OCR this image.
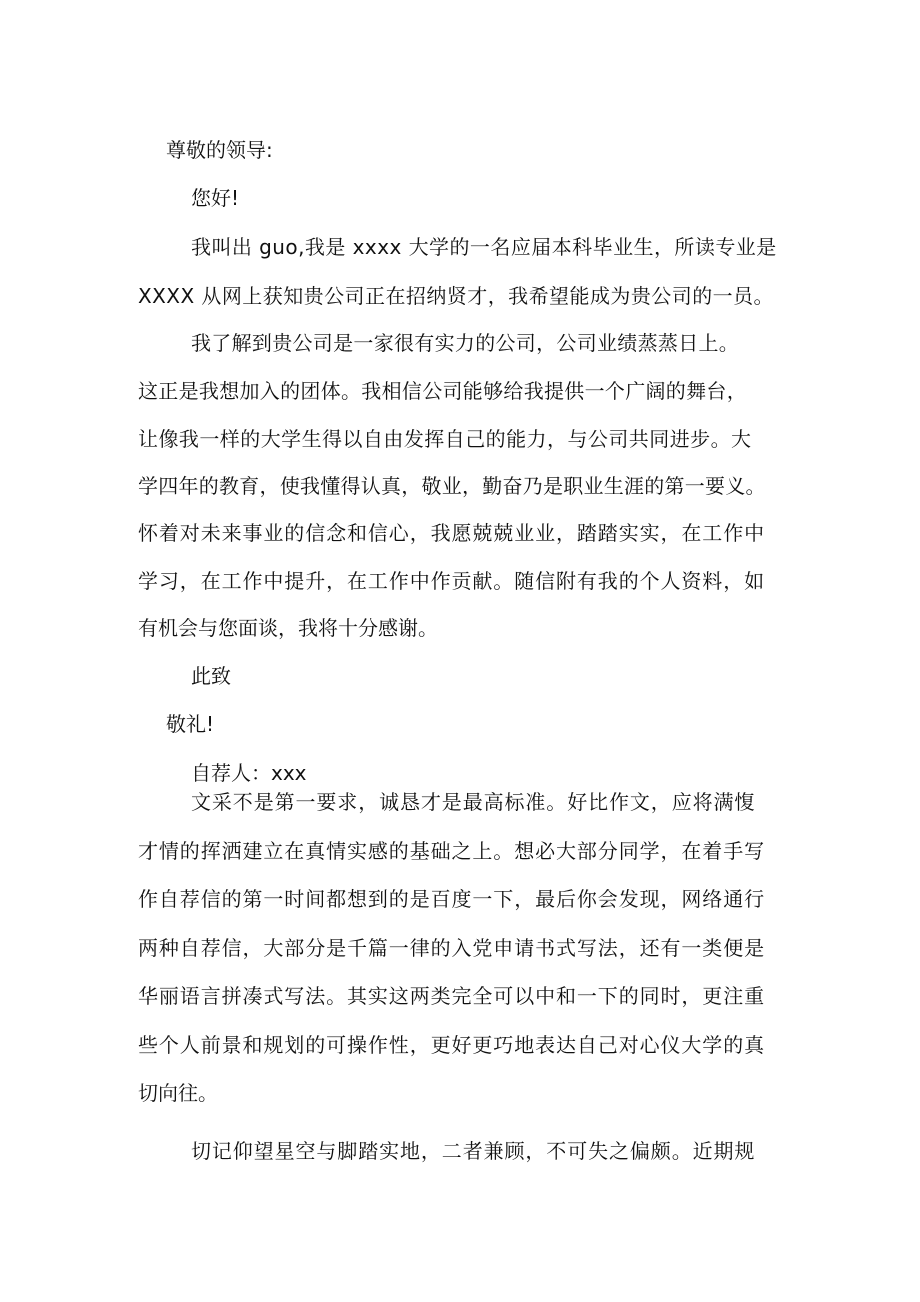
尊敬的领导:
您好!
我叫出 guo,我是 xxxx 大学的一名应届本科毕业生，所读专业是
XXXX 从网上获知贵公司正在招纳贤才，我希望能成为贵公司的一员。
我了解到贵公司是一家很有实力的公司，公司业绩蒸蒸日上。
这正是我想加入的团体。我相信公司能够给我提供一个广阔的舞台，
让像我一样的大学生得以自由发挥自己的能力，与公司共同进步。大
学四年的教育，使我懂得认真，敬业，勤奋乃是职业生涯的第一要义。
怀着对未来事业的信念和信心，我愿兢兢业业，踏踏实实，在工作中
学习，在工作中提升，在工作中作贡献。随信附有我的个人资料，如
有机会与您面谈，我将十分感谢。
此致
敬礼!
自荐人：xxx
文采不是第一要求，诚恳才是最高标准。好比作文，应将满愎
才情的挥洒建立在真情实感的基础之上。想必大部分同学，在着手写
作自荐信的第一时间都想到的是百度一下，最后你会发现，网络通行
两种自荐信，大部分是千篇一律的入党申请书式写法，还有一类便是
华丽语言拼凑式写法。其实这两类完全可以中和一下的同时，更注重
些个人前景和规划的可操作性，更好更巧地表达自己对心仪大学的真
切向往。
切记仰望星空与脚踏实地，二者兼顾，不可失之偏颇。近期规
